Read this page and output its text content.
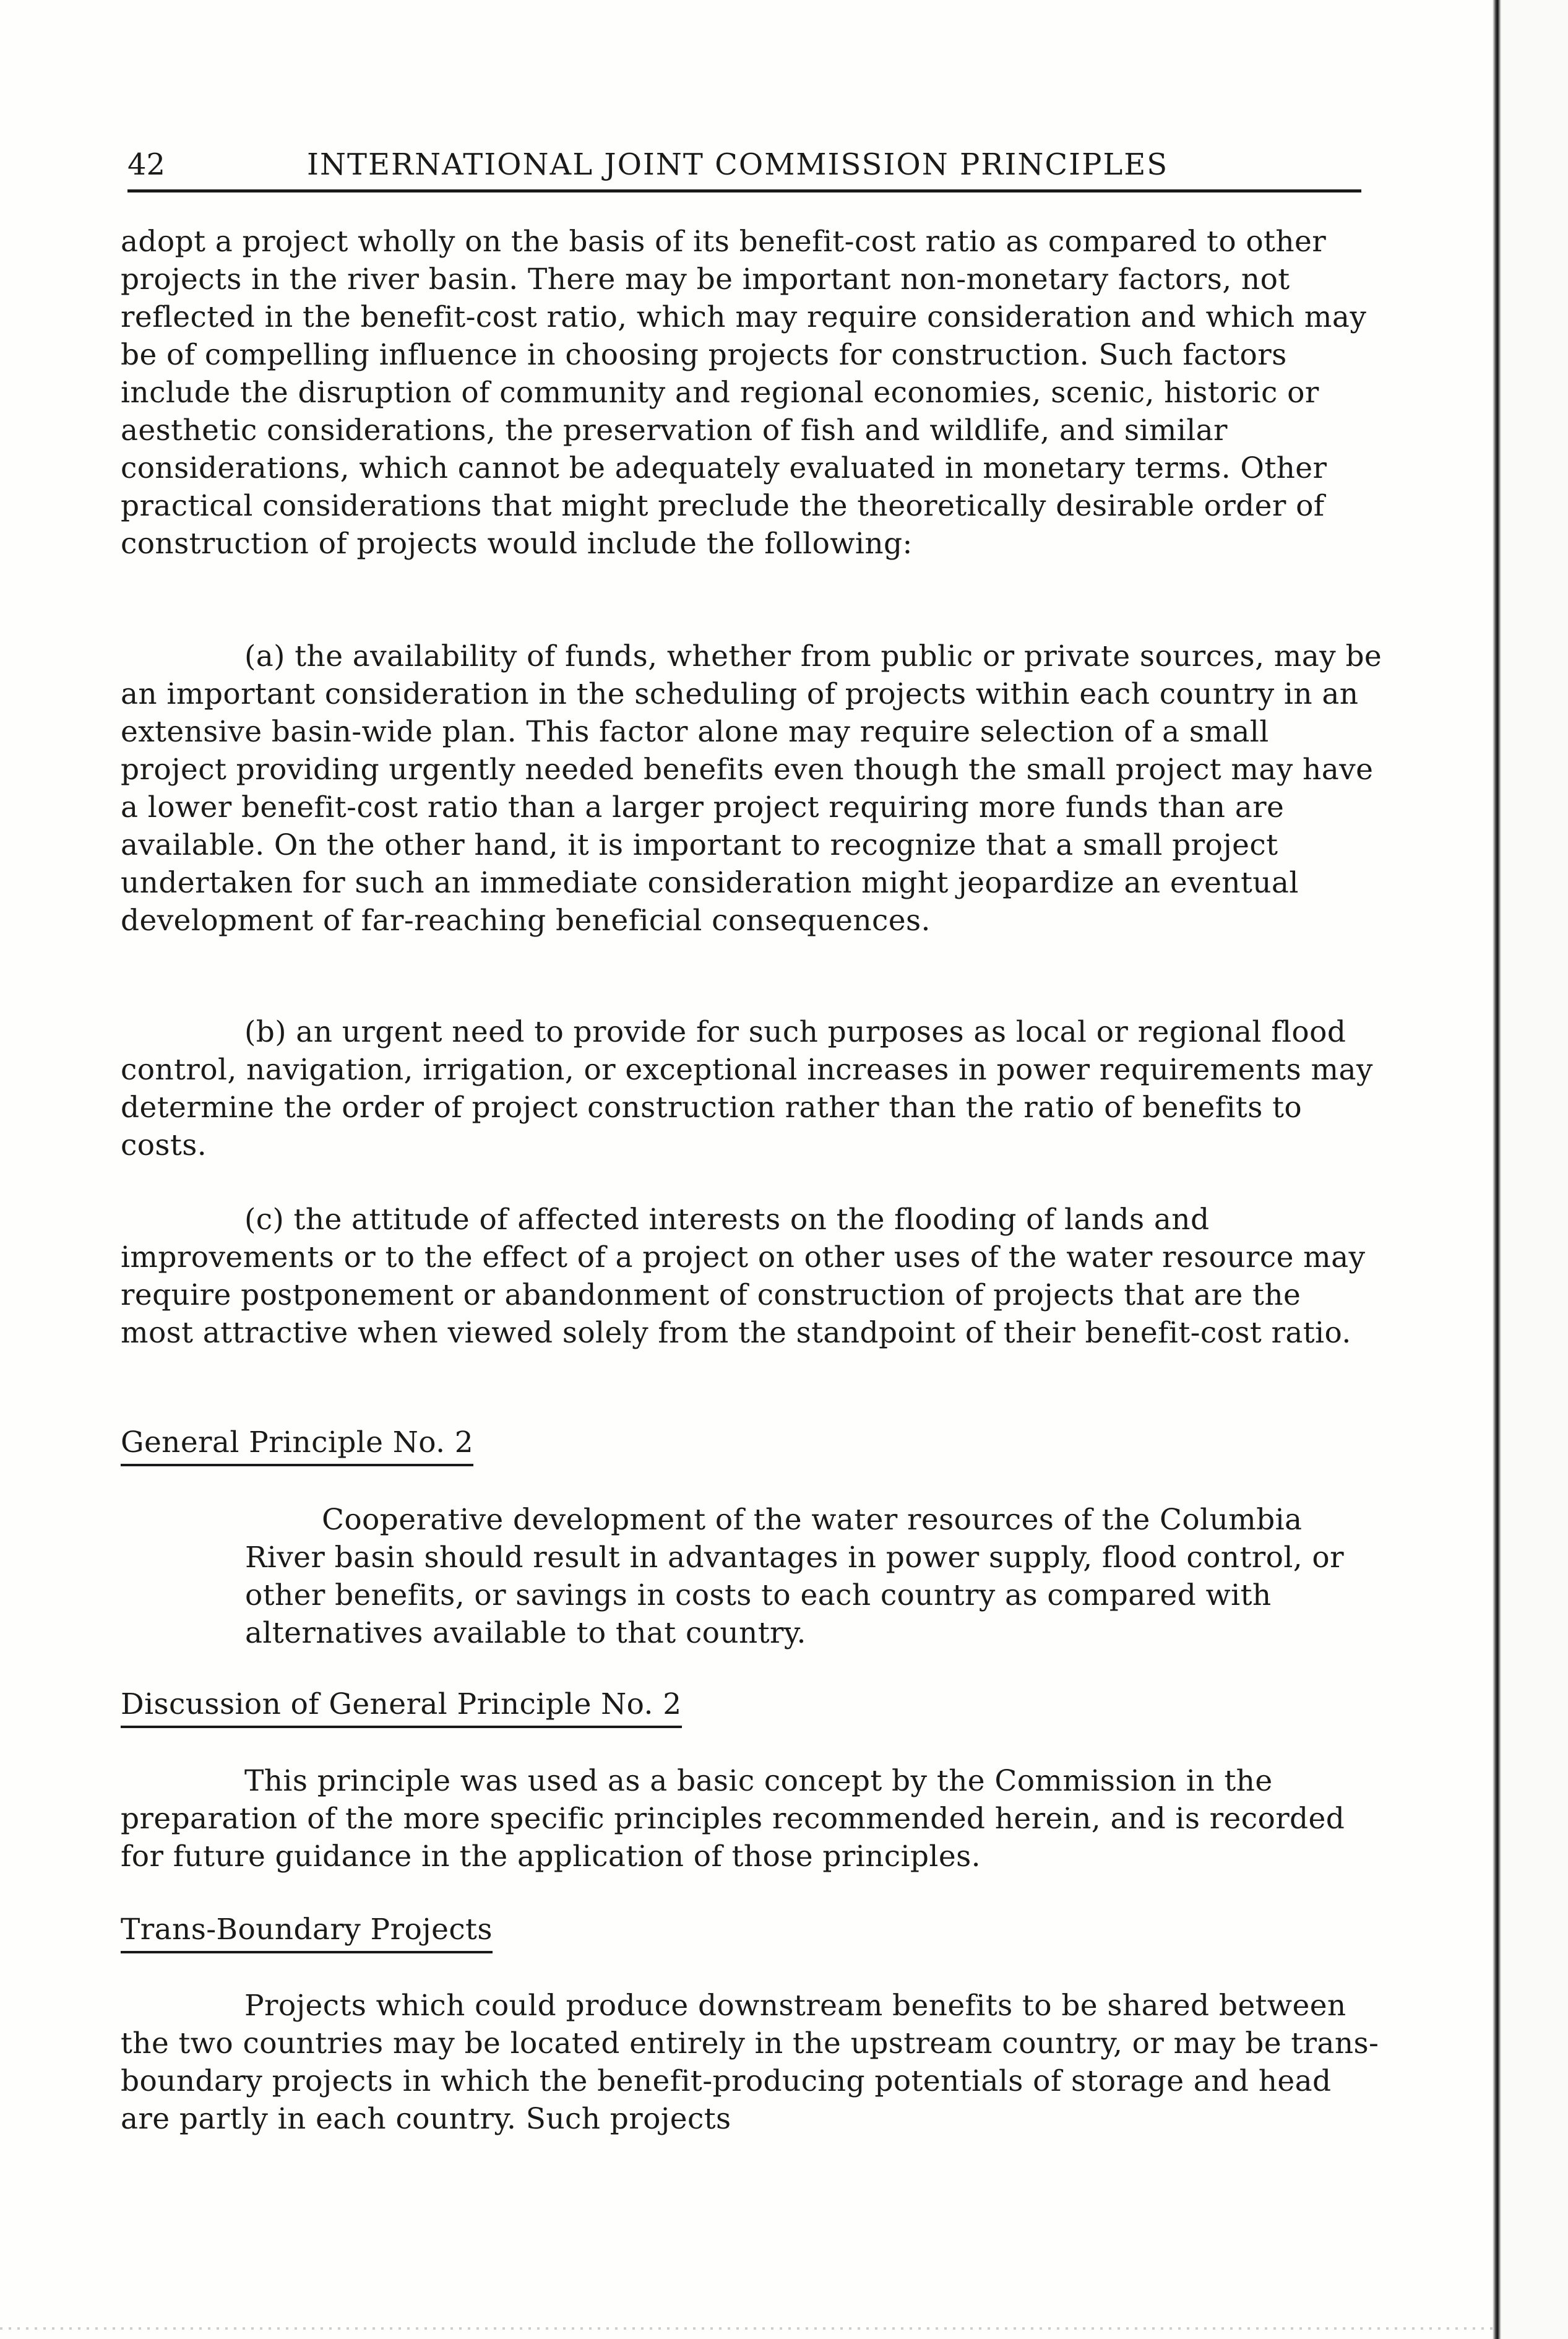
42	INTERNATIONAL JOINT COMMISSION PRINCIPLES

adopt a project wholly on the basis of its benefit-cost ratio as compared to other projects in the river basin. There may be important non-monetary factors, not reflected in the benefit-cost ratio, which may require consideration and which may be of compelling influence in choosing projects for construction. Such factors include the disruption of community and regional economies, scenic, historic or aesthetic considerations, the preservation of fish and wildlife, and similar considerations, which cannot be adequately evaluated in monetary terms. Other practical considerations that might preclude the theoretically desirable order of construction of projects would include the following:

(a) the availability of funds, whether from public or private sources, may be an important consideration in the scheduling of projects within each country in an extensive basin-wide plan. This factor alone may require selection of a small project providing urgently needed benefits even though the small project may have a lower benefit-cost ratio than a larger project requiring more funds than are available. On the other hand, it is important to recognize that a small project undertaken for such an immediate consideration might jeopardize an eventual development of far-reaching beneficial consequences.

(b) an urgent need to provide for such purposes as local or regional flood control, navigation, irrigation, or exceptional increases in power requirements may determine the order of project construction rather than the ratio of benefits to costs.

(c) the attitude of affected interests on the flooding of lands and improvements or to the effect of a project on other uses of the water resource may require postponement or abandonment of construction of projects that are the most attractive when viewed solely from the standpoint of their benefit-cost ratio.

General Principle No. 2

Cooperative development of the water resources of the Columbia River basin should result in advantages in power supply, flood control, or other benefits, or savings in costs to each country as compared with alternatives available to that country.

Discussion of General Principle No. 2

This principle was used as a basic concept by the Commission in the preparation of the more specific principles recommended herein, and is recorded for future guidance in the application of those principles.

Trans-Boundary Projects

Projects which could produce downstream benefits to be shared between the two countries may be located entirely in the upstream country, or may be trans-boundary projects in which the benefit-producing potentials of storage and head are partly in each country. Such projects
